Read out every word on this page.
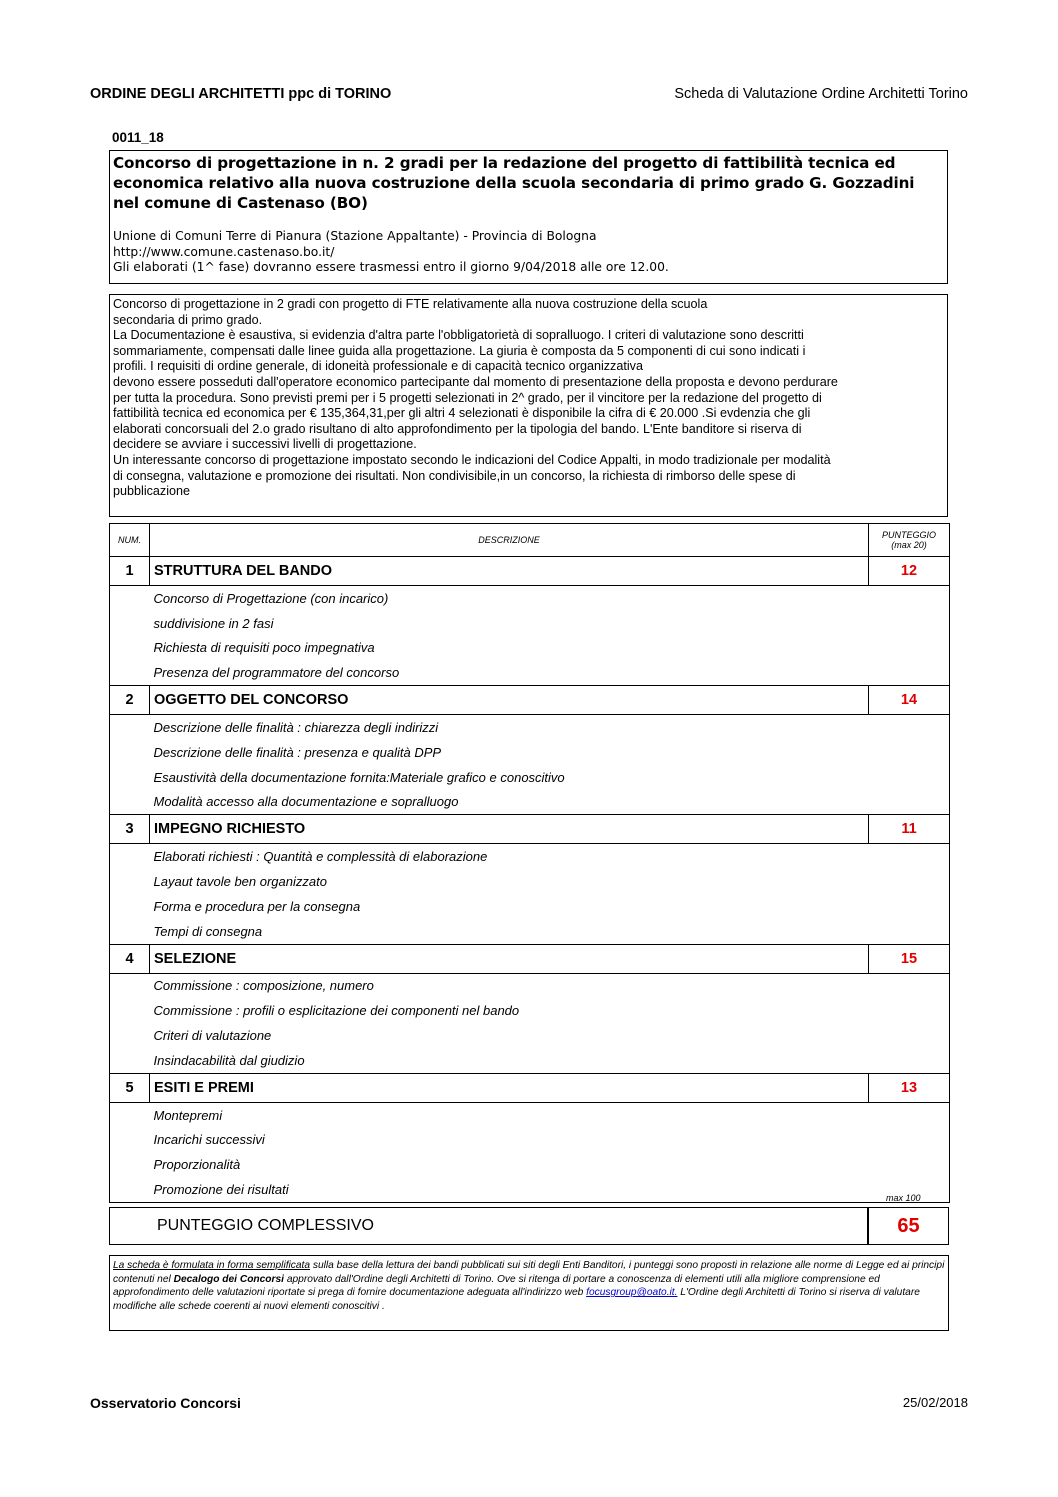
ORDINE DEGLI ARCHITETTI ppc di TORINO	Scheda di Valutazione Ordine Architetti Torino
0011_18
Concorso di progettazione in n. 2 gradi per la redazione del progetto di fattibilità tecnica ed economica relativo alla nuova costruzione della scuola secondaria di primo grado G. Gozzadini nel comune di Castenaso (BO)
Unione di Comuni Terre di Pianura (Stazione Appaltante) - Provincia di Bologna
http://www.comune.castenaso.bo.it/
Gli elaborati (1^ fase) dovranno essere trasmessi entro il giorno 9/04/2018 alle ore 12.00.

Concorso di progettazione in 2 gradi con progetto di FTE relativamente alla nuova costruzione della scuola
secondaria di primo grado.
La Documentazione è esaustiva, si evidenzia d'altra parte l'obbligatorietà di sopralluogo. I criteri di valutazione sono descritti
sommariamente, compensati dalle linee guida alla progettazione. La giuria è composta da 5 componenti di cui sono indicati i
profili. I requisiti di ordine generale, di idoneità professionale e di capacità tecnico organizzativa
devono essere posseduti dall'operatore economico partecipante dal momento di presentazione della proposta e devono perdurare
per tutta la procedura. Sono previsti premi per i 5 progetti selezionati in 2^ grado, per il vincitore per la redazione del progetto di
fattibilità tecnica ed economica per € 135,364,31,per gli altri 4 selezionati è disponibile la cifra di € 20.000 .Si evdenzia che gli
elaborati concorsuali del 2.o grado risultano di alto approfondimento per la tipologia del bando. L'Ente banditore si riserva di
decidere se avviare i successivi livelli di progettazione.
Un interessante concorso di progettazione impostato secondo le indicazioni del Codice Appalti, in modo tradizionale per modalità
di consegna, valutazione e promozione dei risultati. Non condivisibile,in un concorso, la richiesta di rimborso delle spese di
pubblicazione

NUM.	DESCRIZIONE	PUNTEGGIO
(max 20)
1	STRUTTURA DEL BANDO	12
	Concorso di Progettazione (con incarico)	
	suddivisione in 2 fasi	
	Richiesta di requisiti poco impegnativa	
	Presenza del programmatore del concorso	
2	OGGETTO DEL CONCORSO	14
	Descrizione delle finalità : chiarezza degli indirizzi	
	Descrizione delle finalità : presenza e qualità DPP	
	Esaustività della documentazione fornita:Materiale grafico e conoscitivo	
	Modalità accesso alla documentazione e sopralluogo	
3	IMPEGNO RICHIESTO	11
	Elaborati richiesti : Quantità e complessità di elaborazione	
	Layaut tavole ben organizzato	
	Forma e procedura per la consegna	
	Tempi di consegna	
4	SELEZIONE	15
	Commissione : composizione, numero	
	Commissione : profili o esplicitazione dei componenti nel bando	
	Criteri di valutazione	
	Insindacabilità dal giudizio	
5	ESITI E PREMI	13
	Montepremi	
	Incarichi successivi	
	Proporzionalità	
	Promozione dei risultati	
max 100
PUNTEGGIO COMPLESSIVO	65
La scheda è formulata in forma semplificata sulla base della lettura dei bandi pubblicati sui siti degli Enti Banditori, i punteggi sono proposti in relazione alle norme di Legge ed ai principi contenuti nel Decalogo dei Concorsi approvato dall'Ordine degli Architetti di Torino. Ove si ritenga di portare a conoscenza di elementi utili alla migliore comprensione ed approfondimento delle valutazioni riportate si prega di fornire documentazione adeguata all'indirizzo web focusgroup@oato.it. L'Ordine degli Architetti di Torino si riserva di valutare modifiche alle schede coerenti ai nuovi elementi conoscitivi .
Osservatorio Concorsi	25/02/2018
